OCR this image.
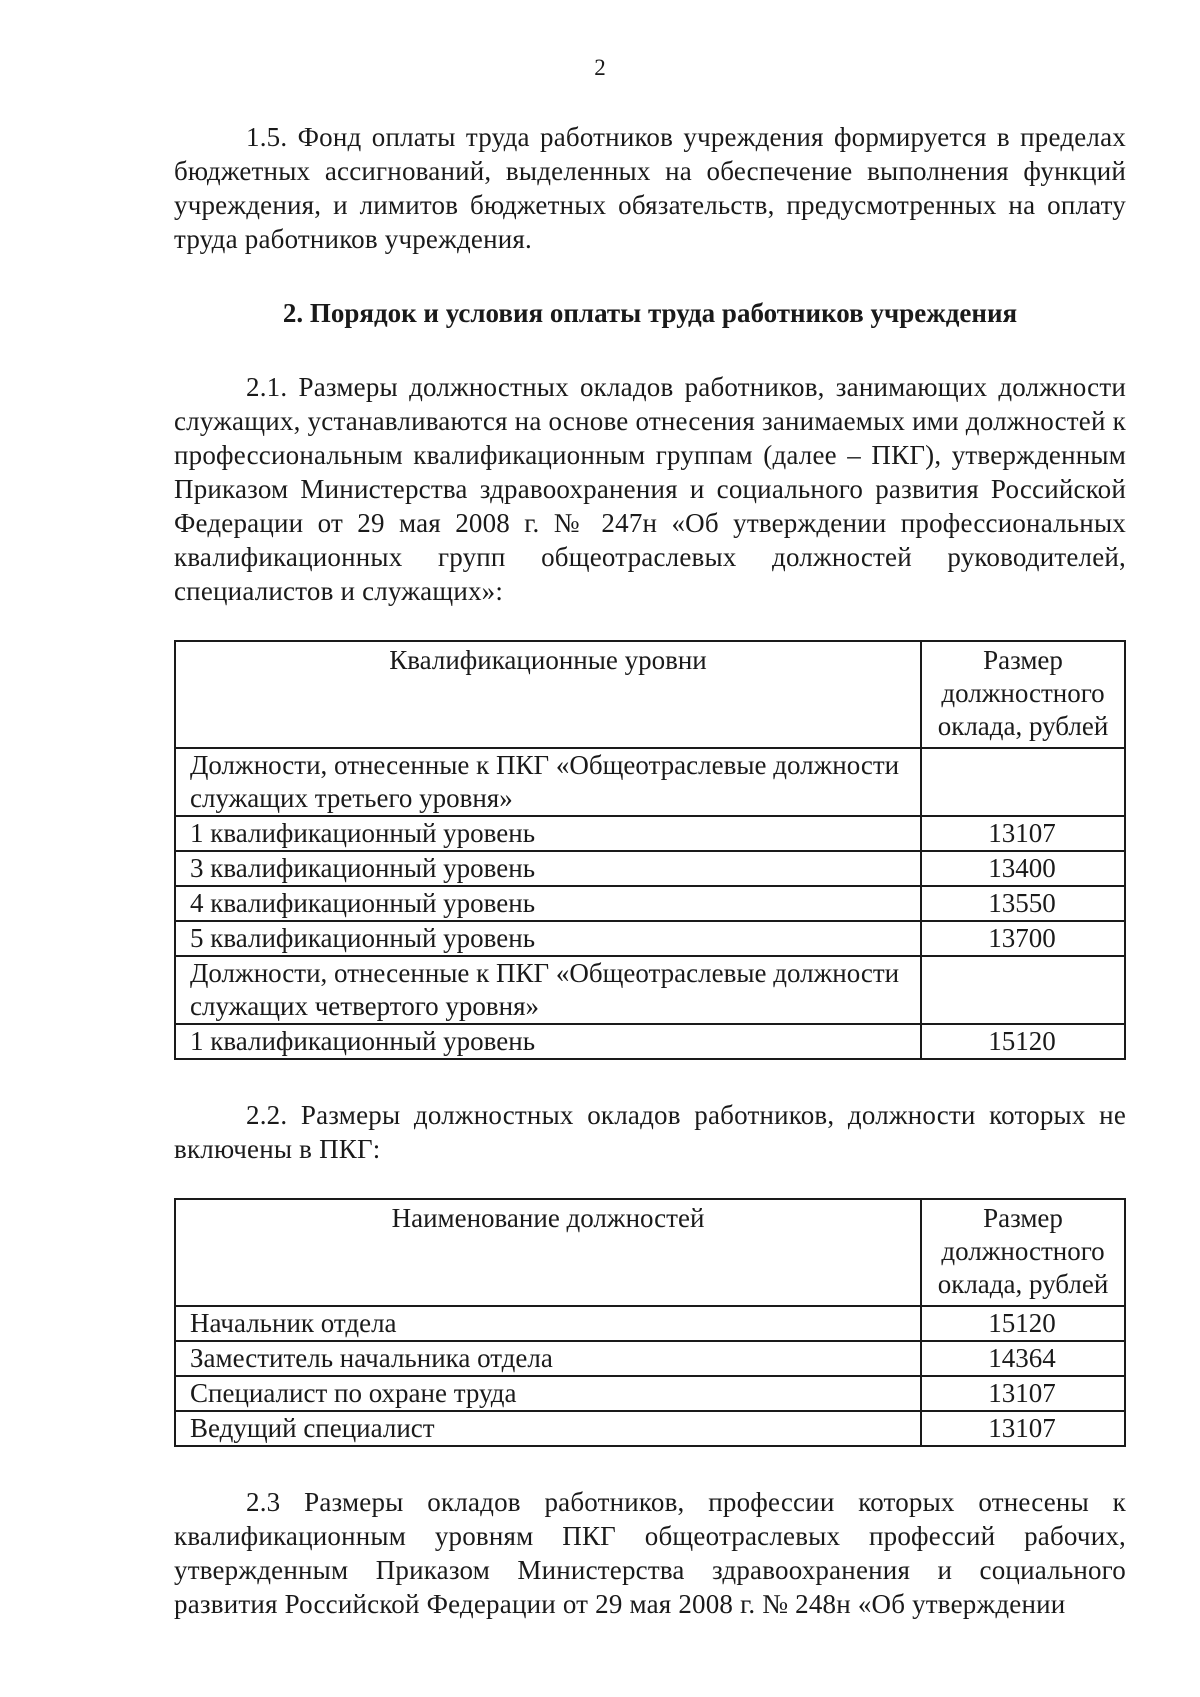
2

1.5. Фонд оплаты труда работников учреждения формируется в пределах бюджетных ассигнований, выделенных на обеспечение выполнения функций учреждения, и лимитов бюджетных обязательств, предусмотренных на оплату труда работников учреждения.

2. Порядок и условия оплаты труда работников учреждения

2.1. Размеры должностных окладов работников, занимающих должности служащих, устанавливаются на основе отнесения занимаемых ими должностей к профессиональным квалификационным группам (далее – ПКГ), утвержденным Приказом Министерства здравоохранения и социального развития Российской Федерации от 29 мая 2008 г. № 247н «Об утверждении профессиональных квалификационных групп общеотраслевых должностей руководителей, специалистов и служащих»:

Квалификационные уровни	Размер
должностного
оклада, рублей

Должности, отнесенные к ПКГ «Общеотраслевые должности служащих третьего уровня»	
1 квалификационный уровень	13107
3 квалификационный уровень	13400
4 квалификационный уровень	13550
5 квалификационный уровень	13700
Должности, отнесенные к ПКГ «Общеотраслевые должности служащих четвертого уровня»	
1 квалификационный уровень	15120

2.2. Размеры должностных окладов работников, должности которых не включены в ПКГ:

Наименование должностей	Размер
должностного
оклада, рублей

Начальник отдела	15120
Заместитель начальника отдела	14364
Специалист по охране труда	13107
Ведущий специалист	13107

2.3 Размеры окладов работников, профессии которых отнесены к квалификационным уровням ПКГ общеотраслевых профессий рабочих, утвержденным Приказом Министерства здравоохранения и социального развития Российской Федерации от 29 мая 2008 г. № 248н «Об утверждении
